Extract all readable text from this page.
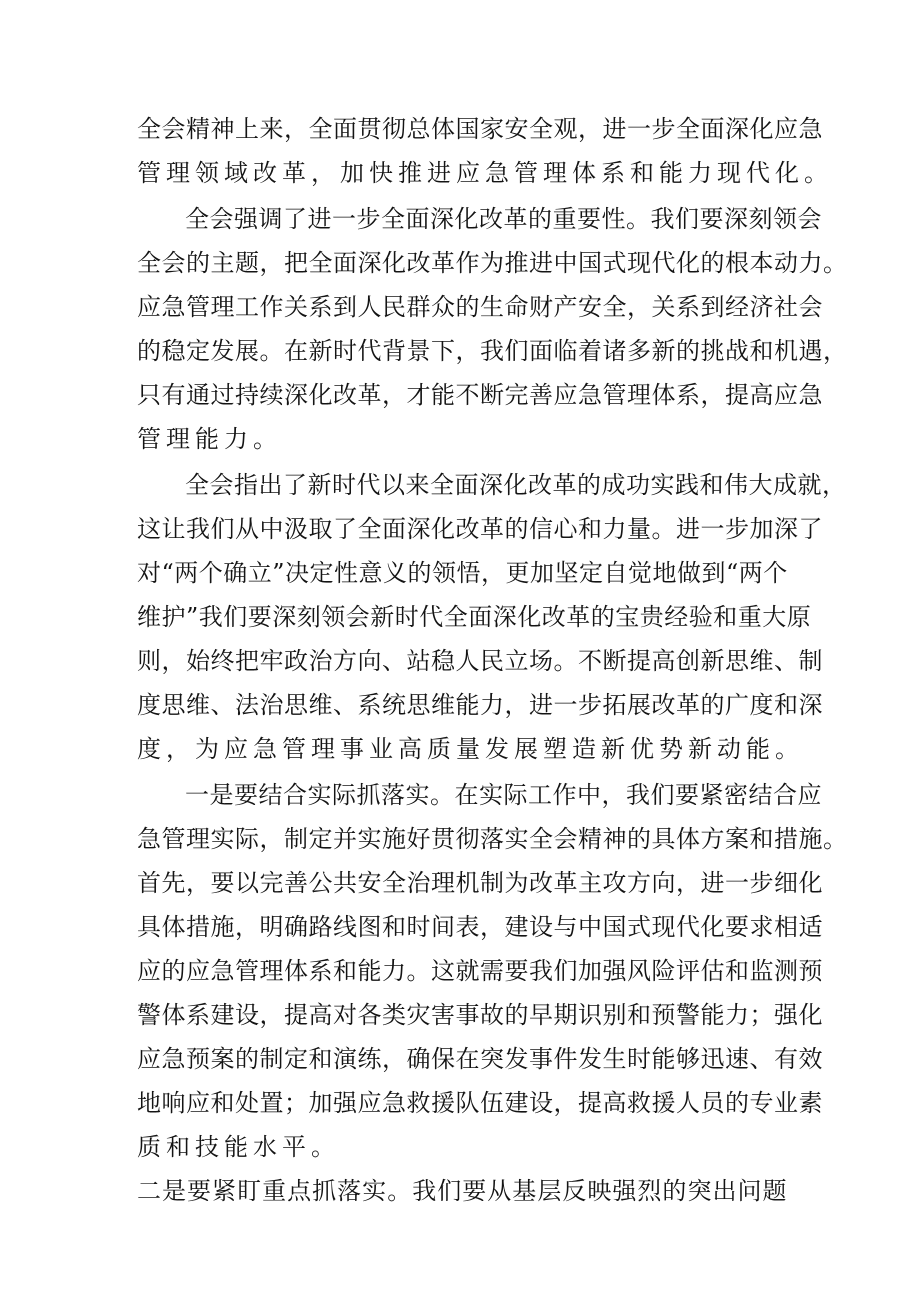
全会精神上来，全面贯彻总体国家安全观，进一步全面深化应急

管理领域改革，加快推进应急管理体系和能力现代化。

全会强调了进一步全面深化改革的重要性。我们要深刻领会

全会的主题，把全面深化改革作为推进中国式现代化的根本动力。

应急管理工作关系到人民群众的生命财产安全，关系到经济社会

的稳定发展。在新时代背景下，我们面临着诸多新的挑战和机遇，

只有通过持续深化改革，才能不断完善应急管理体系，提高应急

管理能力。

全会指出了新时代以来全面深化改革的成功实践和伟大成就，

这让我们从中汲取了全面深化改革的信心和力量。进一步加深了

对“两个确立”决定性意义的领悟，更加坚定自觉地做到“两个

维护”我们要深刻领会新时代全面深化改革的宝贵经验和重大原

则，始终把牢政治方向、站稳人民立场。不断提高创新思维、制

度思维、法治思维、系统思维能力，进一步拓展改革的广度和深

度，为应急管理事业高质量发展塑造新优势新动能。

一是要结合实际抓落实。在实际工作中，我们要紧密结合应

急管理实际，制定并实施好贯彻落实全会精神的具体方案和措施。

首先，要以完善公共安全治理机制为改革主攻方向，进一步细化

具体措施，明确路线图和时间表，建设与中国式现代化要求相适

应的应急管理体系和能力。这就需要我们加强风险评估和监测预

警体系建设，提高对各类灾害事故的早期识别和预警能力；强化

应急预案的制定和演练，确保在突发事件发生时能够迅速、有效

地响应和处置；加强应急救援队伍建设，提高救援人员的专业素

质和技能水平。

二是要紧盯重点抓落实。我们要从基层反映强烈的突出问题
